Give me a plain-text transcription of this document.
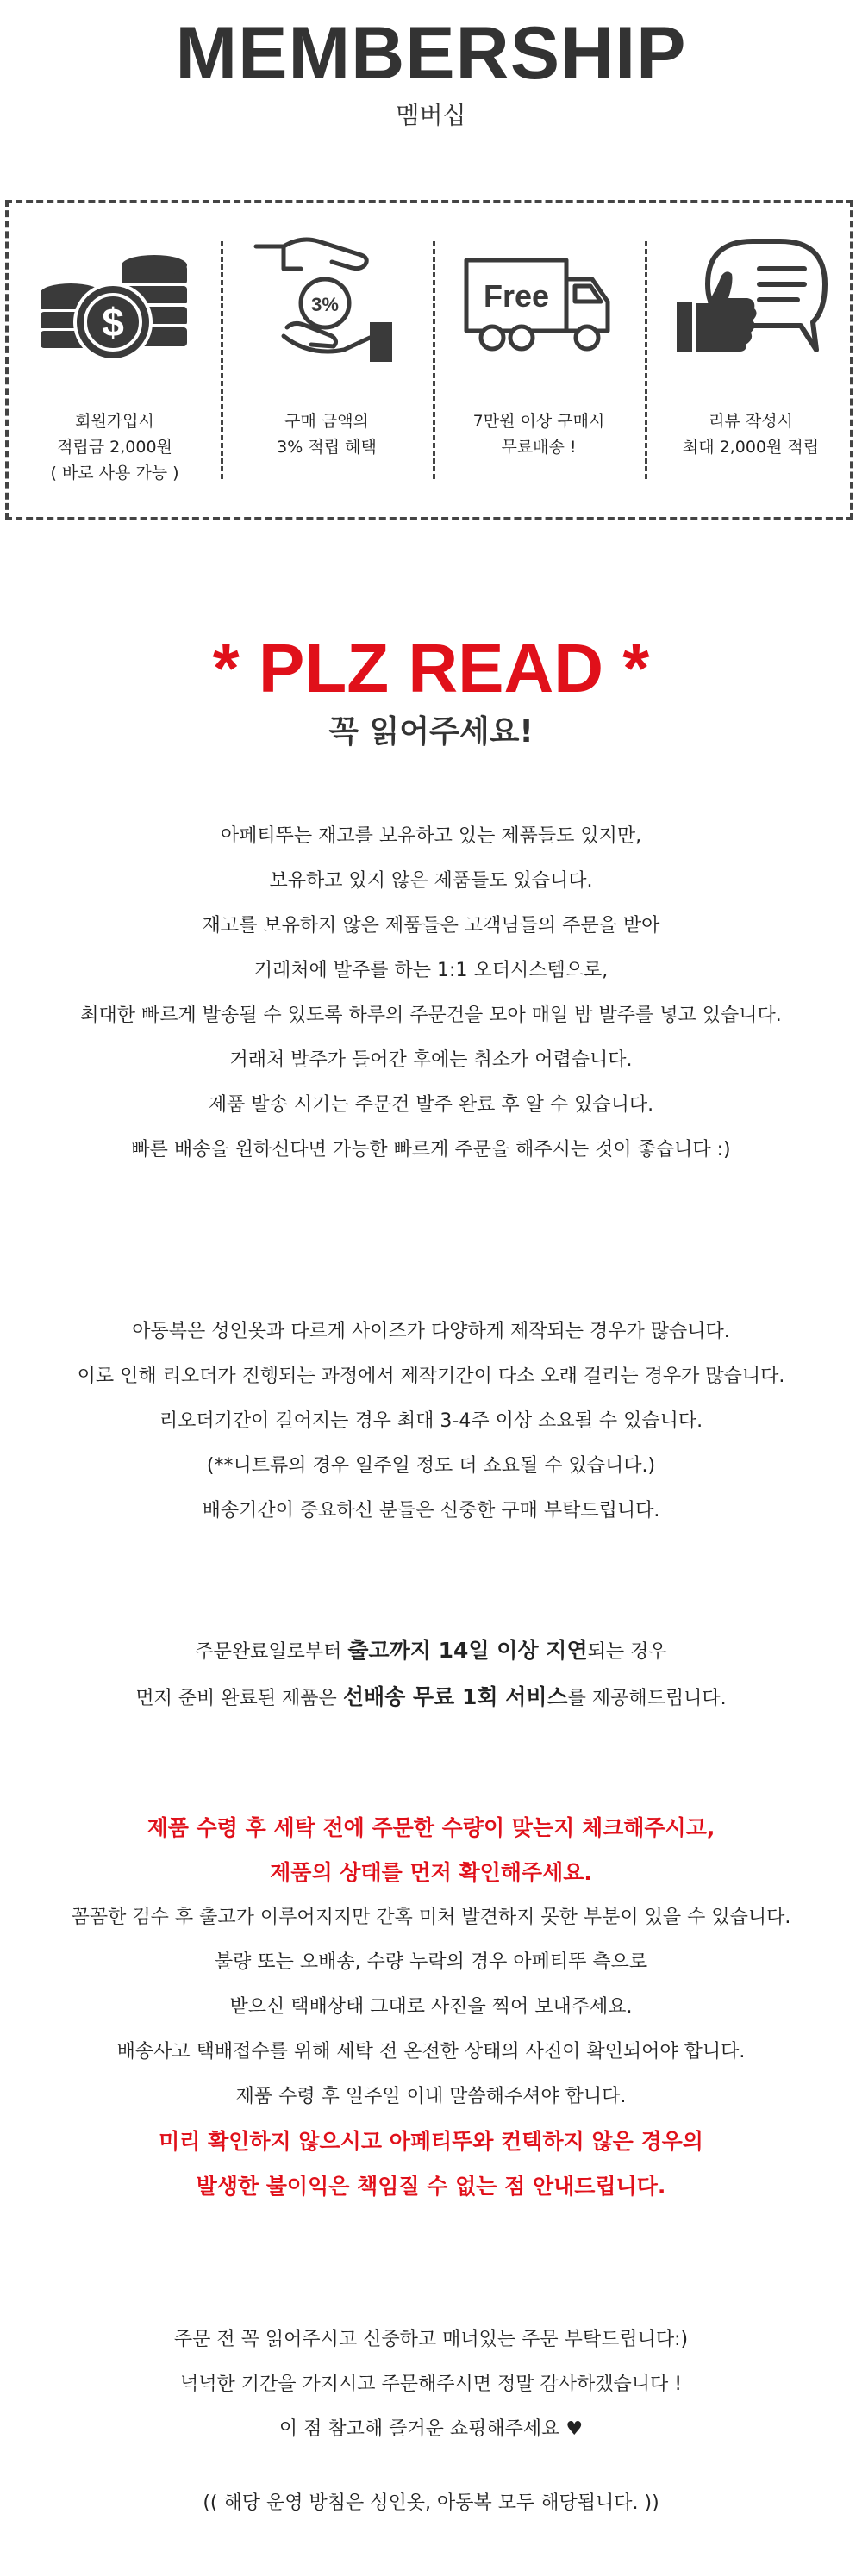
MEMBERSHIP
멤버십
$
회원가입시
적립금 2,000원
( 바로 사용 가능 )
3%
구매 금액의
3% 적립 혜택
Free
7만원 이상 구매시
무료배송 !
리뷰 작성시
최대 2,000원 적립
* PLZ READ *
꼭 읽어주세요!
아페티뚜는 재고를 보유하고 있는 제품들도 있지만,
보유하고 있지 않은 제품들도 있습니다.
재고를 보유하지 않은 제품들은 고객님들의 주문을 받아
거래처에 발주를 하는 1:1 오더시스템으로,
최대한 빠르게 발송될 수 있도록 하루의 주문건을 모아 매일 밤 발주를 넣고 있습니다.
거래처 발주가 들어간 후에는 취소가 어렵습니다.
제품 발송 시기는 주문건 발주 완료 후 알 수 있습니다.
빠른 배송을 원하신다면 가능한 빠르게 주문을 해주시는 것이 좋습니다 :)
아동복은 성인옷과 다르게 사이즈가 다양하게 제작되는 경우가 많습니다.
이로 인해 리오더가 진행되는 과정에서 제작기간이 다소 오래 걸리는 경우가 많습니다.
리오더기간이 길어지는 경우 최대 3-4주 이상 소요될 수 있습니다.
(**니트류의 경우 일주일 정도 더 쇼요될 수 있습니다.)
배송기간이 중요하신 분들은 신중한 구매 부탁드립니다.
주문완료일로부터 출고까지 14일 이상 지연되는 경우
먼저 준비 완료된 제품은 선배송 무료 1회 서비스를 제공해드립니다.
제품 수령 후 세탁 전에 주문한 수량이 맞는지 체크해주시고,
제품의 상태를 먼저 확인해주세요.
꼼꼼한 검수 후 출고가 이루어지지만 간혹 미처 발견하지 못한 부분이 있을 수 있습니다.
불량 또는 오배송, 수량 누락의 경우 아페티뚜 측으로
받으신 택배상태 그대로 사진을 찍어 보내주세요.
배송사고 택배접수를 위해 세탁 전 온전한 상태의 사진이 확인되어야 합니다.
제품 수령 후 일주일 이내 말씀해주셔야 합니다.
미리 확인하지 않으시고 아페티뚜와 컨텍하지 않은 경우의
발생한 불이익은 책임질 수 없는 점 안내드립니다.
주문 전 꼭 읽어주시고 신중하고 매너있는 주문 부탁드립니다:)
넉넉한 기간을 가지시고 주문해주시면 정말 감사하겠습니다 !
이 점 참고해 즐거운 쇼핑해주세요 ♥
(( 해당 운영 방침은 성인옷, 아동복 모두 해당됩니다. ))
